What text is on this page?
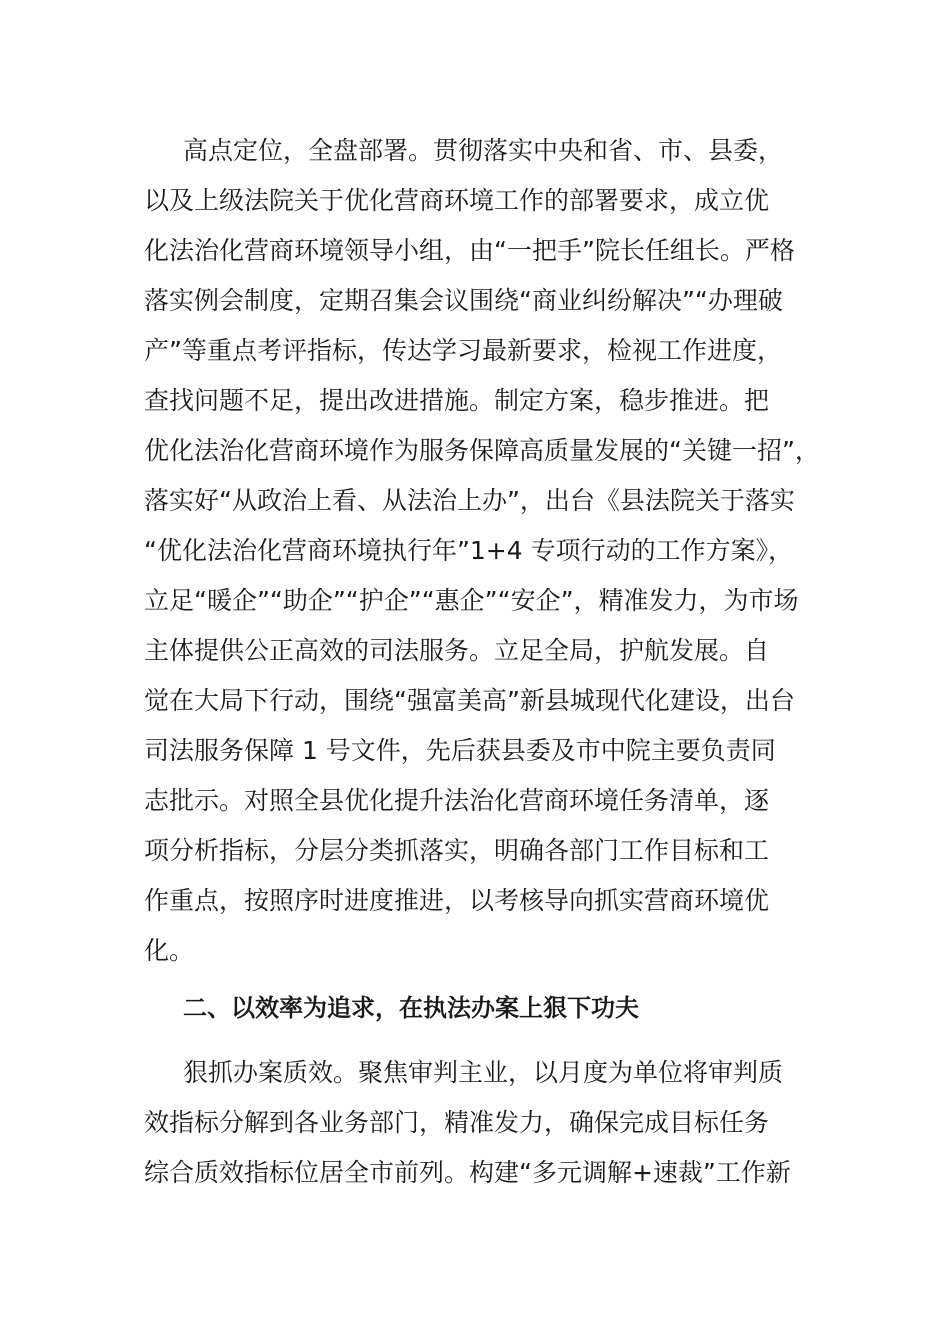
高点定位，全盘部署。贯彻落实中央和省、市、县委，
以及上级法院关于优化营商环境工作的部署要求，成立优
化法治化营商环境领导小组，由“一把手”院长任组长。严格
落实例会制度，定期召集会议围绕“商业纠纷解决”“办理破
产”等重点考评指标，传达学习最新要求，检视工作进度，
查找问题不足，提出改进措施。制定方案，稳步推进。把
优化法治化营商环境作为服务保障高质量发展的“关键一招”，
落实好“从政治上看、从法治上办”，出台《县法院关于落实
“优化法治化营商环境执行年”1+4 专项行动的工作方案》，
立足“暖企”“助企”“护企”“惠企”“安企”，精准发力，为市场
主体提供公正高效的司法服务。立足全局，护航发展。自
觉在大局下行动，围绕“强富美高”新县城现代化建设，出台
司法服务保障 1 号文件，先后获县委及市中院主要负责同
志批示。对照全县优化提升法治化营商环境任务清单，逐
项分析指标，分层分类抓落实，明确各部门工作目标和工
作重点，按照序时进度推进，以考核导向抓实营商环境优
化。
二、以效率为追求，在执法办案上狠下功夫
狠抓办案质效。聚焦审判主业，以月度为单位将审判质
效指标分解到各业务部门，精准发力，确保完成目标任务
综合质效指标位居全市前列。构建“多元调解+速裁”工作新
